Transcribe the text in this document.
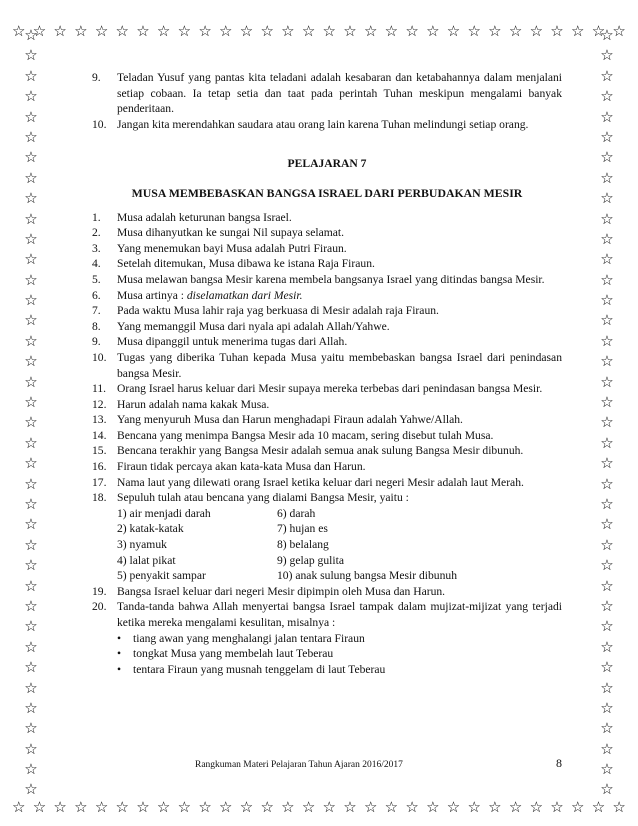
☆ ☆ ☆ ☆ ☆ ☆ ☆ ☆ ☆ ☆ ☆ ☆ ☆ ☆ ☆ ☆ ☆ ☆ ☆ ☆ ☆ ☆ ☆ ☆ ☆ ☆ ☆ ☆ ☆ ☆
☆ ☆ ☆ ☆ ☆ ☆ ☆ ☆ ☆ ☆ ☆ ☆ ☆ ☆ ☆ ☆ ☆ ☆ ☆ ☆ ☆ ☆ ☆ ☆ ☆ ☆ ☆ ☆ ☆ ☆
☆
☆
☆
☆
☆
☆
☆
☆
☆
☆
☆
☆
☆
☆
☆
☆
☆
☆
☆
☆
☆
☆
☆
☆
☆
☆
☆
☆
☆
☆
☆
☆
☆
☆
☆
☆
☆
☆
☆
☆
☆
☆
☆
☆
☆
☆
☆
☆
☆
☆
☆
☆
☆
☆
☆
☆
☆
☆
☆
☆
☆
☆
☆
☆
☆
☆
☆
☆
☆
☆
☆
☆
☆
☆
☆
☆
9.	Teladan Yusuf yang pantas kita teladani adalah kesabaran dan ketabahannya dalam menjalani setiap cobaan. Ia tetap setia dan taat pada perintah Tuhan meskipun mengalami banyak penderitaan.
10. Jangan kita merendahkan saudara atau orang lain karena Tuhan melindungi setiap orang.
PELAJARAN 7
MUSA MEMBEBASKAN BANGSA ISRAEL DARI PERBUDAKAN MESIR
1.	Musa adalah keturunan bangsa Israel.
2.	Musa dihanyutkan ke sungai Nil supaya selamat.
3.	Yang menemukan bayi Musa adalah Putri Firaun.
4.	Setelah ditemukan, Musa dibawa ke istana Raja Firaun.
5.	Musa melawan bangsa Mesir karena membela bangsanya Israel yang ditindas bangsa Mesir.
6.	Musa artinya : diselamatkan dari Mesir.
7.	Pada waktu Musa lahir raja yag berkuasa di Mesir adalah raja Firaun.
8.	Yang memanggil Musa dari nyala api adalah Allah/Yahwe.
9.	Musa dipanggil untuk menerima tugas dari Allah.
10. Tugas yang diberika Tuhan kepada Musa yaitu membebaskan bangsa Israel dari penindasan bangsa Mesir.
11. Orang Israel harus keluar dari Mesir supaya mereka terbebas dari penindasan bangsa Mesir.
12. Harun adalah nama kakak Musa.
13. Yang menyuruh Musa dan Harun menghadapi Firaun adalah Yahwe/Allah.
14. Bencana yang menimpa Bangsa Mesir ada 10 macam, sering disebut tulah Musa.
15. Bencana terakhir yang Bangsa Mesir adalah semua anak sulung Bangsa Mesir dibunuh.
16. Firaun tidak percaya akan kata-kata Musa dan Harun.
17. Nama laut yang dilewati orang Israel ketika keluar dari negeri Mesir adalah laut Merah.
18. Sepuluh tulah atau bencana yang dialami Bangsa Mesir, yaitu :
1) air menjadi darah	6) darah
2) katak-katak	7) hujan es
3) nyamuk	8) belalang
4) lalat pikat	9) gelap gulita
5) penyakit sampar	10) anak sulung bangsa Mesir dibunuh
19. Bangsa Israel keluar dari negeri Mesir dipimpin oleh Musa dan Harun.
20. Tanda-tanda bahwa Allah menyertai bangsa Israel tampak dalam mujizat-mijizat yang terjadi ketika mereka mengalami kesulitan, misalnya :
•	tiang awan yang menghalangi jalan tentara Firaun
•	tongkat Musa yang membelah laut Teberau
•	tentara Firaun yang musnah tenggelam di laut Teberau
Rangkuman Materi Pelajaran Tahun Ajaran 2016/2017	8
